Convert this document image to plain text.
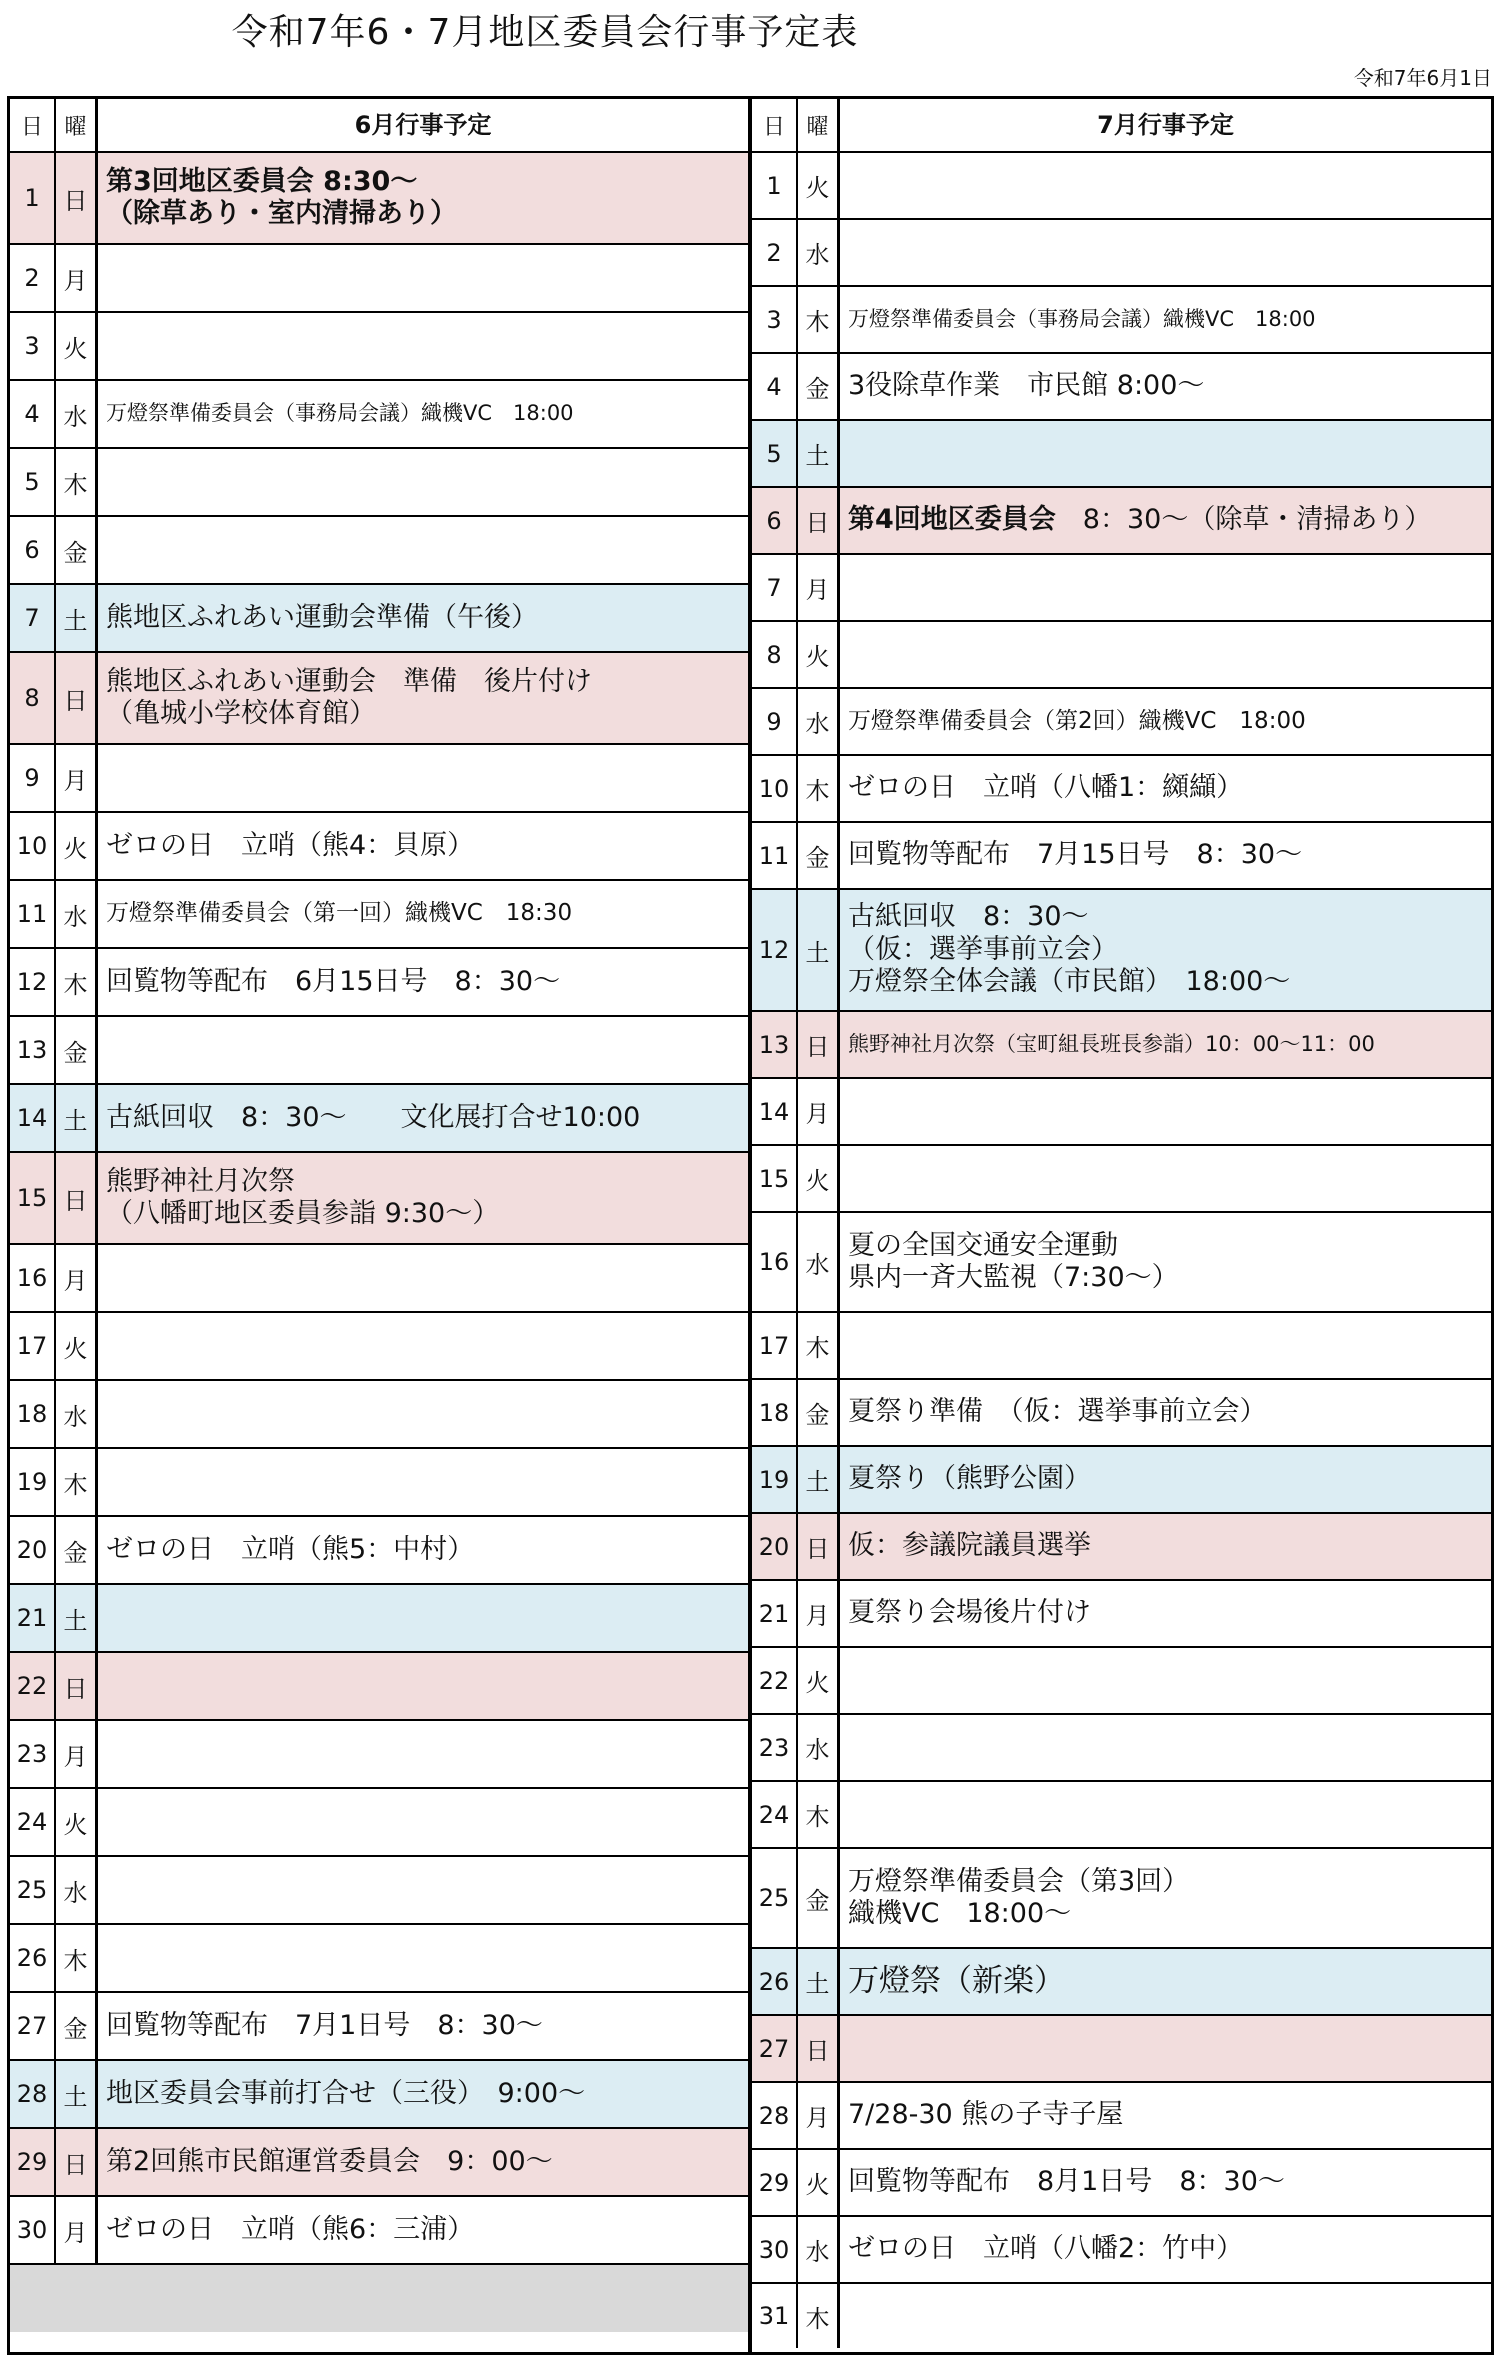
令和7年6・7月地区委員会行事予定表
令和7年6月1日
日 曜	6月行事予定
1 日
第3回地区委員会 8:30～
（除草あり・室内清掃あり）
2 月
3 火
4 水 万燈祭準備委員会（事務局会議）織機VC　18:00
5 木
6 金
7 土 熊地区ふれあい運動会準備（午後）
8 日
熊地区ふれあい運動会　準備　後片付け
（亀城小学校体育館）
9 月
10 火 ゼロの日　立哨（熊4：貝原）
11 水 万燈祭準備委員会（第一回）織機VC　18:30
12 木 回覧物等配布　6月15日号　8：30～
13 金
14 土 古紙回収　8：30～　　文化展打合せ10:00
15 日
熊野神社月次祭
（八幡町地区委員参詣 9:30～）
16 月
17 火
18 水
19 木
20 金 ゼロの日　立哨（熊5：中村）
21 土
22 日
23 月
24 火
25 水
26 木
27 金 回覧物等配布　7月1日号　8：30～
28 土 地区委員会事前打合せ（三役）　9:00～
29 日 第2回熊市民館運営委員会　9：00～
30 月 ゼロの日　立哨（熊6：三浦）
日 曜	7月行事予定
1 火
2 水
3 木 万燈祭準備委員会（事務局会議）織機VC　18:00
4 金 3役除草作業　市民館 8:00～
5 土
6 日 第4回地区委員会 　8：30～（除草・清掃あり）
7 月
8 火
9 水 万燈祭準備委員会（第2回）織機VC　18:00
10 木 ゼロの日　立哨（八幡1：纐纈）
11 金 回覧物等配布　7月15日号　8：30～
12 土
古紙回収　8：30～
（仮：選挙事前立会）
万燈祭全体会議（市民館）　18:00～
13 日 熊野神社月次祭（宝町組長班長参詣）10：00～11：00
14 月
15 火
16 水
夏の全国交通安全運動
県内一斉大監視（7:30～）
17 木
18 金 夏祭り準備　（仮：選挙事前立会）
19 土 夏祭り（熊野公園）
20 日 仮：参議院議員選挙
21 月 夏祭り会場後片付け
22 火
23 水
24 木
25 金
万燈祭準備委員会（第3回）
織機VC　18:00～
26 土 万燈祭（新楽）
27 日
28 月 7/28-30 熊の子寺子屋
29 火 回覧物等配布　8月1日号　8：30～
30 水 ゼロの日　立哨（八幡2：竹中）
31 木
